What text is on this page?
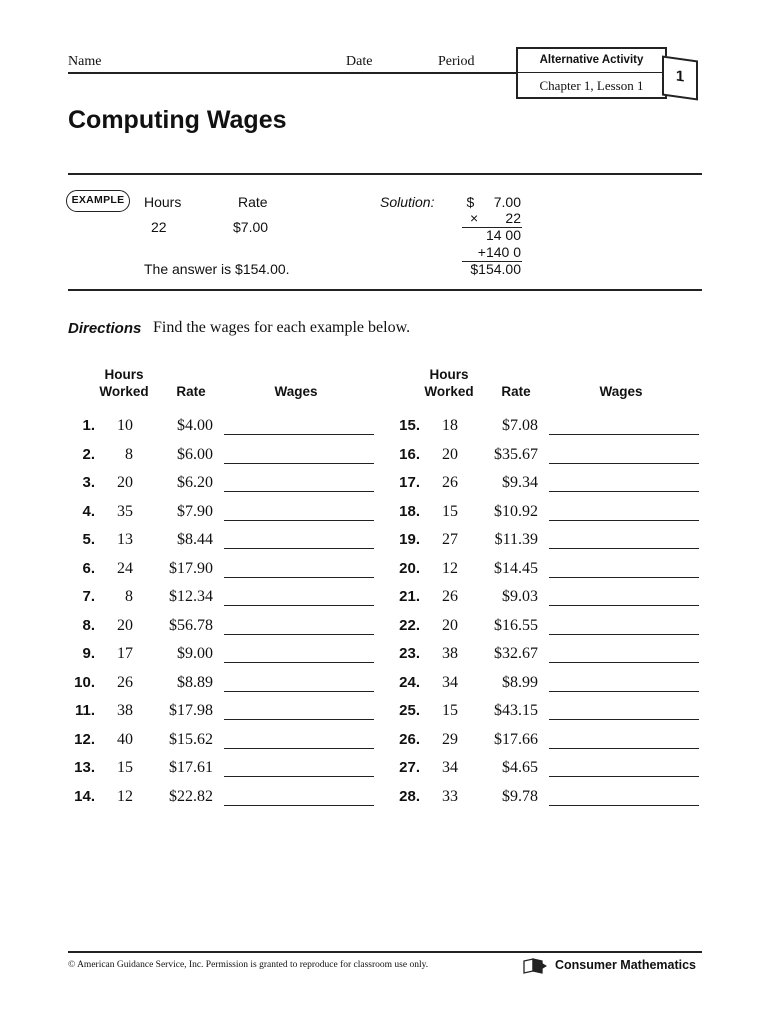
Name	Date	Period	Alternative Activity
Chapter 1, Lesson 1	1
Computing Wages
EXAMPLE	Hours	Rate
22	$7.00
The answer is $154.00.
Solution:	$     7.00
×       22
14 00
+140 0
$154.00
Directions Find the wages for each example below.
Hours
Worked	Rate	Wages
Hours
Worked	Rate	Wages
1.	10	$4.00
2.	8	$6.00
3.	20	$6.20
4.	35	$7.90
5.	13	$8.44
6.	24	$17.90
7.	8	$12.34
8.	20	$56.78
9.	17	$9.00
10.	26	$8.89
11.	38	$17.98
12.	40	$15.62
13.	15	$17.61
14.	12	$22.82
15.	18	$7.08
16.	20	$35.67
17.	26	$9.34
18.	15	$10.92
19.	27	$11.39
20.	12	$14.45
21.	26	$9.03
22.	20	$16.55
23.	38	$32.67
24.	34	$8.99
25.	15	$43.15
26.	29	$17.66
27.	34	$4.65
28.	33	$9.78
© American Guidance Service, Inc. Permission is granted to reproduce for classroom use only.	Consumer Mathematics
